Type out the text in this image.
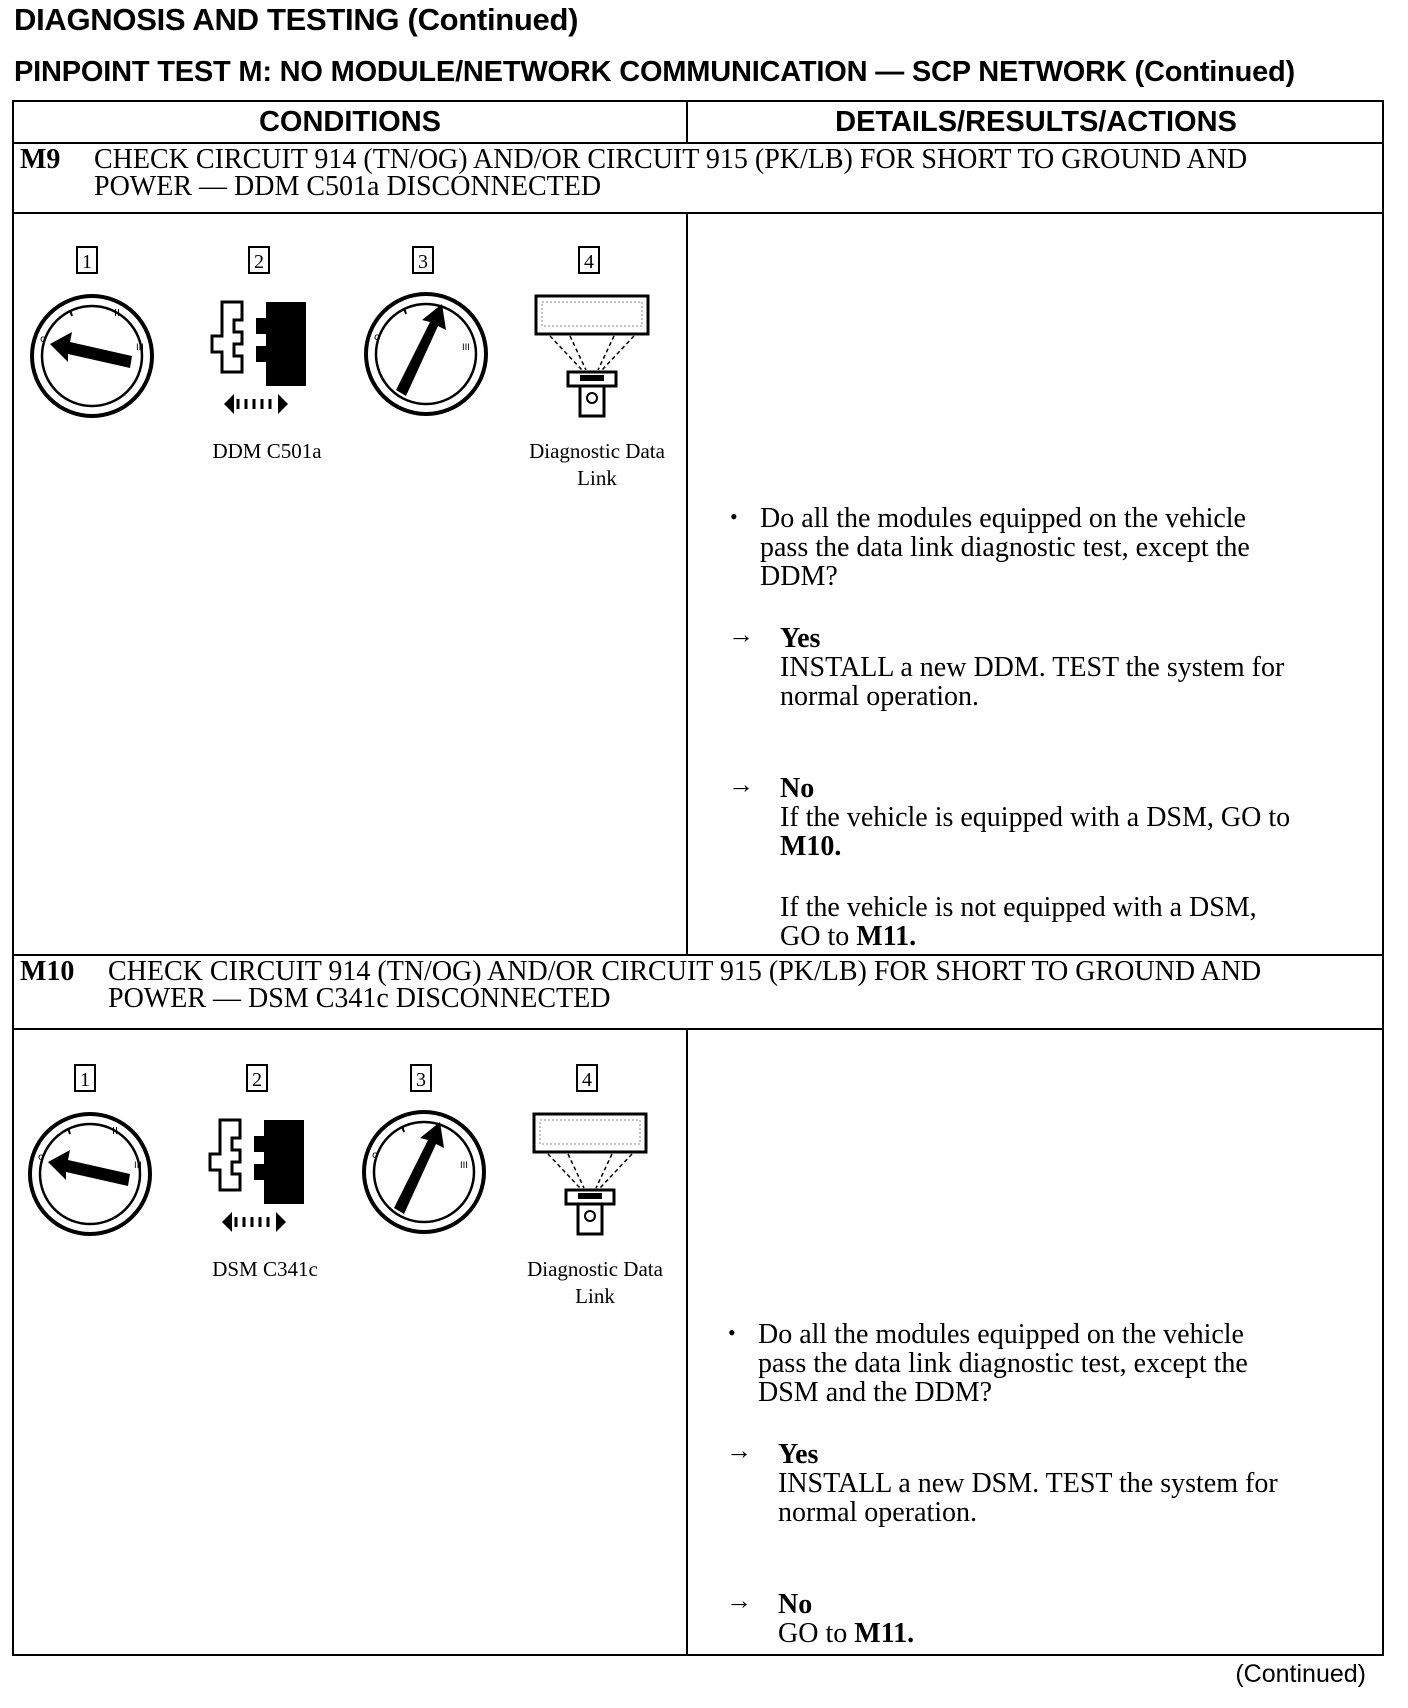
DIAGNOSIS AND TESTING (Continued)
PINPOINT TEST M: NO MODULE/NETWORK COMMUNICATION — SCP NETWORK (Continued)
CONDITIONS	DETAILS/RESULTS/ACTIONS
M9 CHECK CIRCUIT 914 (TN/OG) AND/OR CIRCUIT 915 (PK/LB) FOR SHORT TO GROUND AND
POWER — DDM C501a DISCONNECTED
1	2	3	4
o
II
III
o
III
DDM C501a	Diagnostic Data
Link
• Do all the modules equipped on the vehicle
pass the data link diagnostic test, except the
DDM?
→ Yes
INSTALL a new DDM. TEST the system for
normal operation.
→ No
If the vehicle is equipped with a DSM, GO to
M10.
If the vehicle is not equipped with a DSM,
GO to M11.
M10 CHECK CIRCUIT 914 (TN/OG) AND/OR CIRCUIT 915 (PK/LB) FOR SHORT TO GROUND AND
POWER — DSM C341c DISCONNECTED
1	2	3	4
o
II
III
o
III
DSM C341c	Diagnostic Data
Link
• Do all the modules equipped on the vehicle
pass the data link diagnostic test, except the
DSM and the DDM?
→ Yes
INSTALL a new DSM. TEST the system for
normal operation.
→ No
GO to M11.
(Continued)
